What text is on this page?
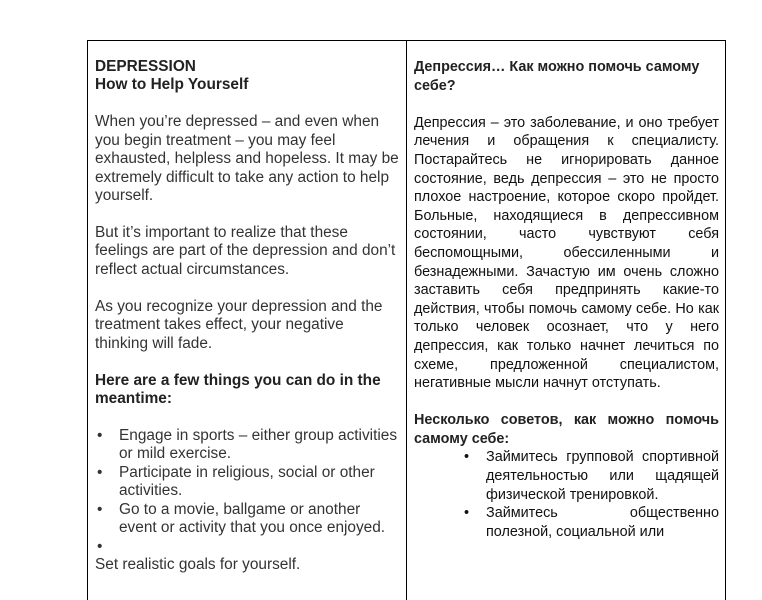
DEPRESSION

How to Help Yourself

When you’re depressed – and even when you begin treatment – you may feel exhausted, helpless and hopeless. It may be extremely difficult to take any action to help yourself.

But it’s important to realize that these feelings are part of the depression and don’t reflect actual circumstances.

As you recognize your depression and the treatment takes effect, your negative thinking will fade.

Here are a few things you can do in the meantime:

• Engage in sports – either group activities or mild exercise.
• Participate in religious, social or other activities.
• Go to a movie, ballgame or another event or activity that you once enjoyed.
•

Set realistic goals for yourself.

Депрессия… Как можно помочь самому себе?

Депрессия – это заболевание, и оно требует лечения и обращения к специалисту. Постарайтесь не игнорировать данное состояние, ведь депрессия – это не просто плохое настроение, которое скоро пройдет. Больные, находящиеся в депрессивном состоянии, часто чувствуют себя беспомощными, обессиленными и безнадежными. Зачастую им очень сложно заставить себя предпринять какие-то действия, чтобы помочь самому себе. Но как только человек осознает, что у него депрессия, как только начнет лечиться по схеме, предложенной специалистом, негативные мысли начнут отступать.

Несколько советов, как можно помочь самому себе:

• Займитесь групповой спортивной деятельностью или щадящей физической тренировкой.
• Займитесь общественно полезной, социальной или
